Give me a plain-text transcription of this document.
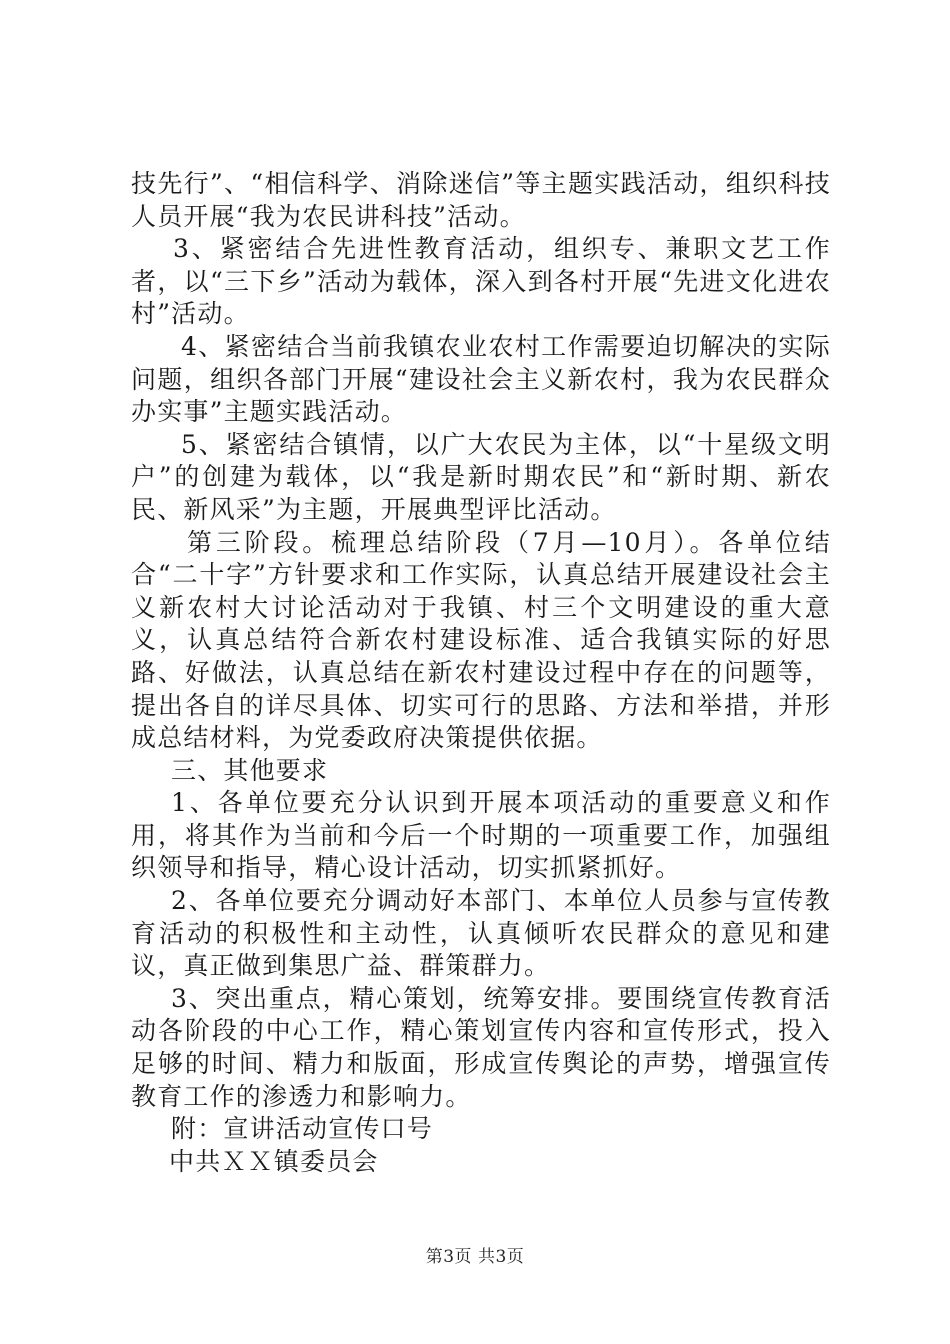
技先行”、“相信科学、消除迷信”等主题实践活动，组织科技人员开展“我为农民讲科技”活动。

3、紧密结合先进性教育活动，组织专、兼职文艺工作者，以“三下乡”活动为载体，深入到各村开展“先进文化进农村”活动。

4、紧密结合当前我镇农业农村工作需要迫切解决的实际问题，组织各部门开展“建设社会主义新农村，我为农民群众办实事”主题实践活动。

5、紧密结合镇情，以广大农民为主体，以“十星级文明户”的创建为载体，以“我是新时期农民”和“新时期、新农民、新风采”为主题，开展典型评比活动。

第三阶段。梳理总结阶段（7月—10月）。各单位结合“二十字”方针要求和工作实际，认真总结开展建设社会主义新农村大讨论活动对于我镇、村三个文明建设的重大意义，认真总结符合新农村建设标准、适合我镇实际的好思路、好做法，认真总结在新农村建设过程中存在的问题等，提出各自的详尽具体、切实可行的思路、方法和举措，并形成总结材料，为党委政府决策提供依据。

三、其他要求

1、各单位要充分认识到开展本项活动的重要意义和作用，将其作为当前和今后一个时期的一项重要工作，加强组织领导和指导，精心设计活动，切实抓紧抓好。

2、各单位要充分调动好本部门、本单位人员参与宣传教育活动的积极性和主动性，认真倾听农民群众的意见和建议，真正做到集思广益、群策群力。

3、突出重点，精心策划，统筹安排。要围绕宣传教育活动各阶段的中心工作，精心策划宣传内容和宣传形式，投入足够的时间、精力和版面，形成宣传舆论的声势，增强宣传教育工作的渗透力和影响力。

附：宣讲活动宣传口号

中共ＸＸ镇委员会

第3页 共3页
